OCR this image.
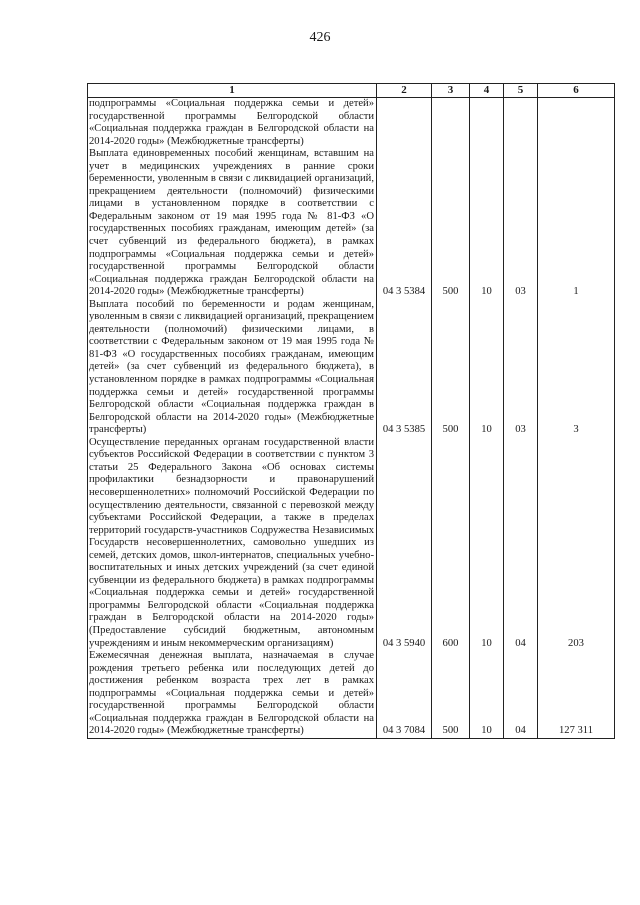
426
1	2	3	4	5	6
подпрограммы «Социальная поддержка семьи и детей» государственной программы Белгородской области «Социальная поддержка граждан в Белгородской области на 2014-2020 годы» (Межбюджетные трансферты)					
Выплата единовременных пособий женщинам, вставшим на учет в медицинских учреждениях в ранние сроки беременности, уволенным в связи с ликвидацией организаций, прекращением деятельности (полномочий) физическими лицами в установленном порядке в соответствии с Федеральным законом от 19 мая 1995 года № 81-ФЗ «О государственных пособиях гражданам, имеющим детей» (за счет субвенций из федерального бюджета), в рамках подпрограммы «Социальная поддержка семьи и детей» государственной программы Белгородской области «Социальная поддержка граждан Белгородской области на 2014-2020 годы» (Межбюджетные трансферты)	04 3 5384	500	10	03	1
Выплата пособий по беременности и родам женщинам, уволенным в связи с ликвидацией организаций, прекращением деятельности (полномочий) физическими лицами, в соответствии с Федеральным законом от 19 мая 1995 года № 81-ФЗ «О государственных пособиях гражданам, имеющим детей» (за счет субвенций из федерального бюджета), в установленном порядке в рамках подпрограммы «Социальная поддержка семьи и детей» государственной программы Белгородской области «Социальная поддержка граждан в Белгородской области на 2014-2020 годы» (Межбюджетные трансферты)	04 3 5385	500	10	03	3
Осуществление переданных органам государственной власти субъектов Российской Федерации в соответствии с пунктом 3 статьи 25 Федерального Закона «Об основах системы профилактики безнадзорности и правонарушений несовершеннолетних» полномочий Российской Федерации по осуществлению деятельности, связанной с перевозкой между субъектами Российской Федерации, а также в пределах территорий государств-участников Содружества Независимых Государств несовершеннолетних, самовольно ушедших из семей, детских домов, школ-интернатов, специальных учебно-воспитательных и иных детских учреждений (за счет единой субвенции из федерального бюджета) в рамках подпрограммы «Социальная поддержка семьи и детей» государственной программы Белгородской области «Социальная поддержка граждан в Белгородской области на 2014-2020 годы» (Предоставление субсидий бюджетным, автономным учреждениям и иным некоммерческим организациям)	04 3 5940	600	10	04	203
Ежемесячная денежная выплата, назначаемая в случае рождения третьего ребенка или последующих детей до достижения ребенком возраста трех лет в рамках подпрограммы «Социальная поддержка семьи и детей» государственной программы Белгородской области «Социальная поддержка граждан в Белгородской области на 2014-2020 годы» (Межбюджетные трансферты)	04 3 7084	500	10	04	127 311
